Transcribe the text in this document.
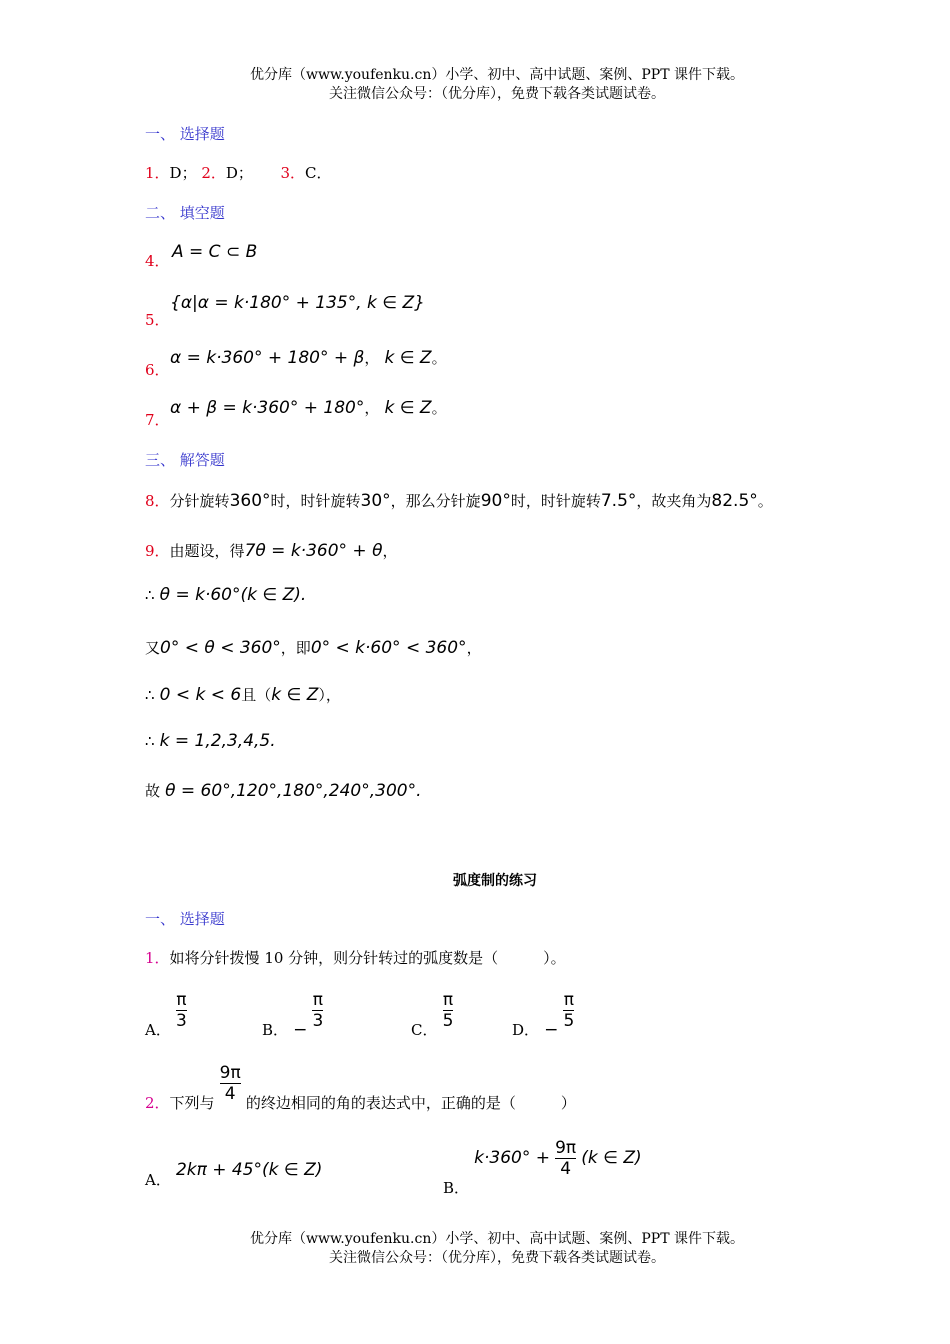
优分库（www.youfenku.cn）小学、初中、高中试题、案例、PPT 课件下载。
关注微信公众号：（优分库），免费下载各类试题试卷。
一、 选择题
1．D； 2．D； 3．C．
二、 填空题
4． A = C ⊂ B
5．
{α|α = k·180° + 135°, k ∈ Z}
6．
α = k·360° + 180° + β， k ∈ Z。
7．
α + β = k·360° + 180°， k ∈ Z。
三、 解答题
8．分针旋转360°时，时针旋转30°，那么分针旋90°时，时针旋转7.5°，故夹角为82.5°。
9．由题设，得7θ = k·360° + θ，
∴ θ = k·60°(k ∈ Z).
又0° < θ < 360°，即0° < k·60° < 360°，
∴ 0 < k < 6且（k ∈ Z），
∴ k = 1,2,3,4,5.
故 θ = 60°,120°,180°,240°,300°.
弧度制的练习
一、 选择题
1．如将分针拨慢 10 分钟，则分针转过的弧度数是（　　　）。
A． $\frac{\pi}{3}$	B． − $\frac{\pi}{3}$	C． $\frac{\pi}{5}$	D． − $\frac{\pi}{5}$
2．下列与 $\frac{9\pi}{4}$ 的终边相同的角的表达式中，正确的是（　　　）
A． 2kπ + 45°(k ∈ Z)
B． $k\cdot 360^\circ + \frac{9\pi}{4} (k$ ∈ Z)
优分库（www.youfenku.cn）小学、初中、高中试题、案例、PPT 课件下载。
关注微信公众号：（优分库），免费下载各类试题试卷。
